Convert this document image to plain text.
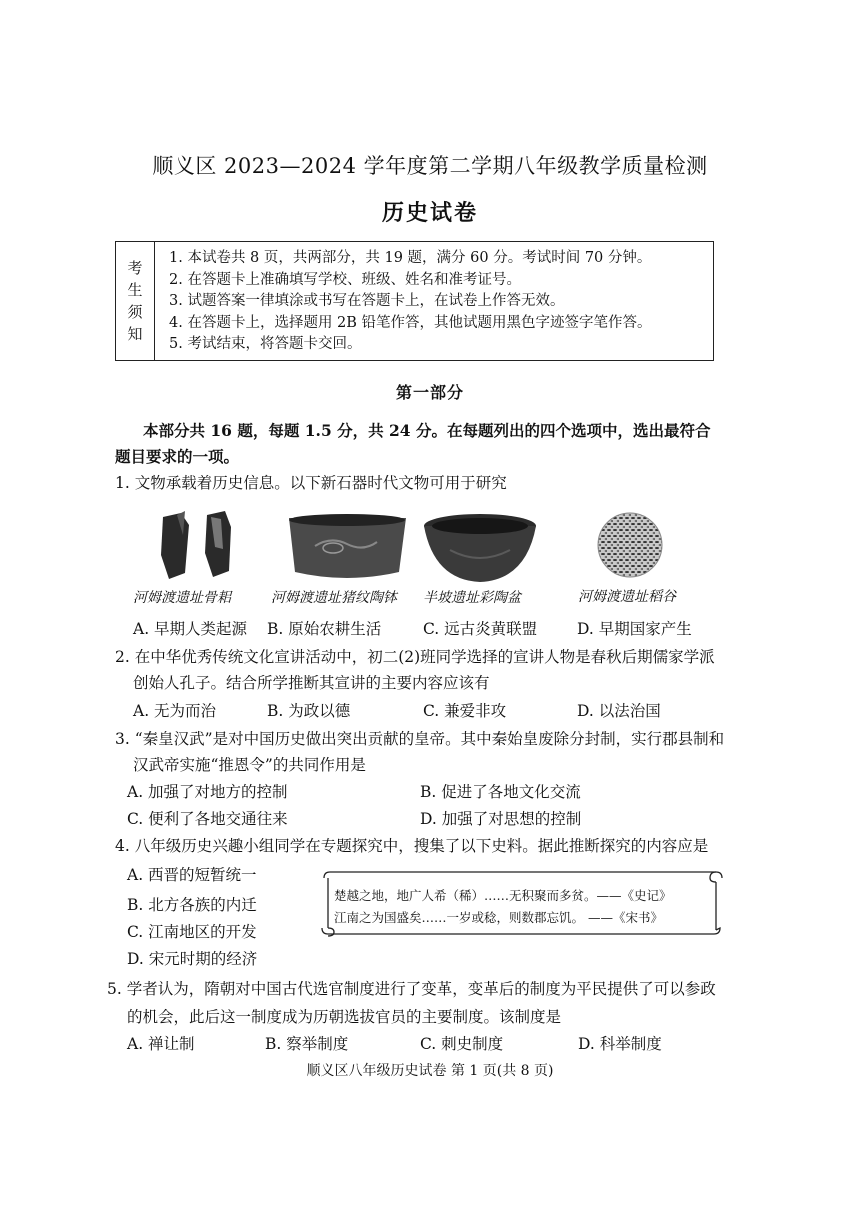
顺义区 2023—2024 学年度第二学期八年级教学质量检测
历史试卷
考
生
须
知
1. 本试卷共 8 页，共两部分，共 19 题，满分 60 分。考试时间 70 分钟。
2. 在答题卡上准确填写学校、班级、姓名和准考证号。
3. 试题答案一律填涂或书写在答题卡上，在试卷上作答无效。
4. 在答题卡上，选择题用 2B 铅笔作答，其他试题用黑色字迹签字笔作答。
5. 考试结束，将答题卡交回。
第一部分
本部分共 16 题，每题 1.5 分，共 24 分。在每题列出的四个选项中，选出最符合题目要求的一项。
1. 文物承载着历史信息。以下新石器时代文物可用于研究
河姆渡遗址骨耜	河姆渡遗址猪纹陶钵 半坡遗址彩陶盆	河姆渡遗址稻谷
A. 早期人类起源 B. 原始农耕生活	C. 远古炎黄联盟	D. 早期国家产生
2. 在中华优秀传统文化宣讲活动中，初二(2)班同学选择的宣讲人物是春秋后期儒家学派
创始人孔子。结合所学推断其宣讲的主要内容应该有
A. 无为而治	B. 为政以德	C. 兼爱非攻	D. 以法治国
3. “秦皇汉武”是对中国历史做出突出贡献的皇帝。其中秦始皇废除分封制，实行郡县制和
汉武帝实施“推恩令”的共同作用是
A. 加强了对地方的控制	B. 促进了各地文化交流
C. 便利了各地交通往来	D. 加强了对思想的控制
4. 八年级历史兴趣小组同学在专题探究中，搜集了以下史料。据此推断探究的内容应是
A. 西晋的短暂统一
B. 北方各族的内迁
C. 江南地区的开发
D. 宋元时期的经济
楚越之地，地广人希（稀）……无积聚而多贫。——《史记》
江南之为国盛矣……一岁或稔，则数郡忘饥。 ——《宋书》
5. 学者认为，隋朝对中国古代选官制度进行了变革，变革后的制度为平民提供了可以参政
的机会，此后这一制度成为历朝选拔官员的主要制度。该制度是
A. 禅让制	B. 察举制度	C. 刺史制度	D. 科举制度
顺义区八年级历史试卷 第 1 页(共 8 页)
